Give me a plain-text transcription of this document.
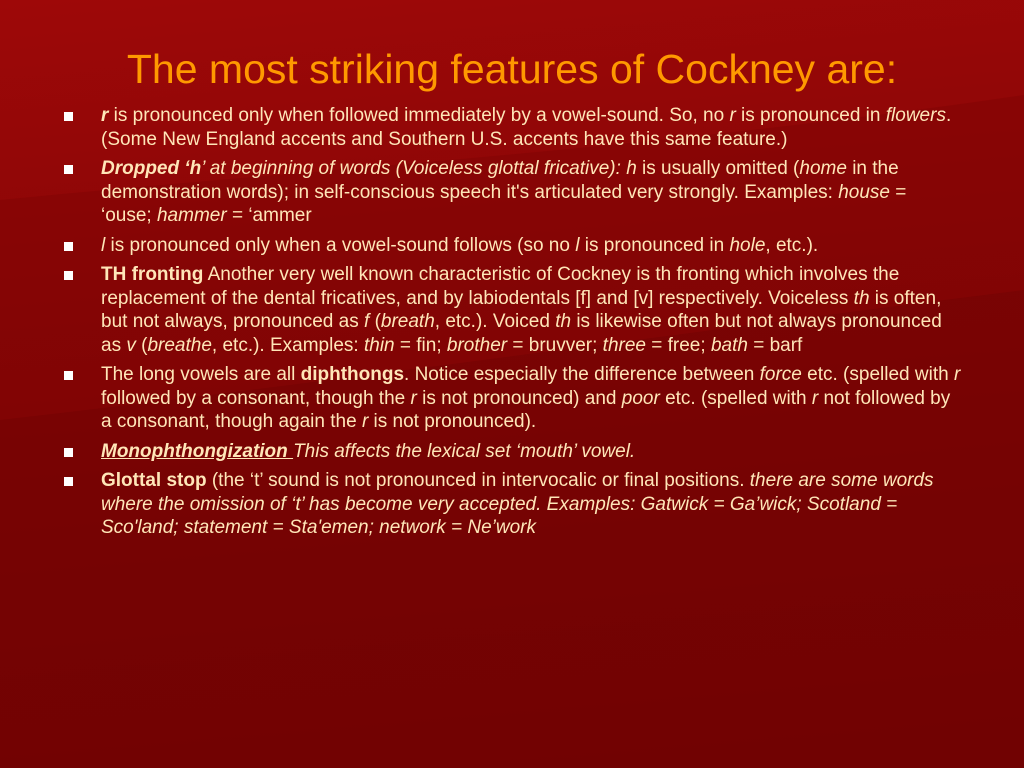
The most striking features of Cockney are:
r is pronounced only when followed immediately by a vowel-sound. So, no r is pronounced in flowers. (Some New England accents and Southern U.S. accents have this same feature.)
Dropped ‘h’ at beginning of words (Voiceless glottal fricative): h is usually omitted (home in the demonstration words); in self-conscious speech it's articulated very strongly. Examples: house = ‘ouse; hammer = ‘ammer
l is pronounced only when a vowel-sound follows (so no l is pronounced in hole, etc.).
TH fronting Another very well known characteristic of Cockney is th fronting which involves the replacement of the dental fricatives, and by labiodentals [f] and [v] respectively. Voiceless th is often, but not always, pronounced as f (breath, etc.). Voiced th is likewise often but not always pronounced as v (breathe, etc.). Examples: thin = fin; brother = bruvver; three = free; bath = barf
The long vowels are all diphthongs. Notice especially the difference between force etc. (spelled with r followed by a consonant, though the r is not pronounced) and poor etc. (spelled with r not followed by a consonant, though again the r is not pronounced).
Monophthongization This affects the lexical set ‘mouth’ vowel.
Glottal stop (the ‘t’ sound is not pronounced in intervocalic or final positions. there are some words where the omission of ‘t’ has become very accepted. Examples: Gatwick = Ga’wick; Scotland = Sco'land; statement = Sta'emen; network = Ne’work
